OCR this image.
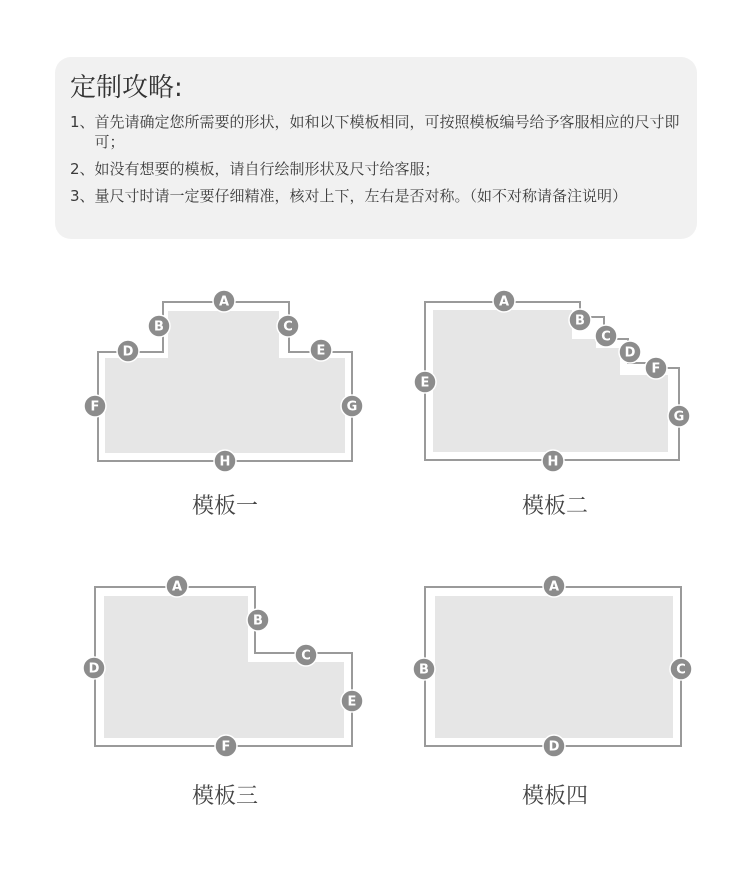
定制攻略:
1、 首先请确定您所需要的形状，如和以下模板相同，可按照模板编号给予客服相应的尺寸即可；
2、 如没有想要的模板，请自行绘制形状及尺寸给客服；
3、 量尺寸时请一定要仔细精准，核对上下，左右是否对称。（如不对称请备注说明）
A
B	C
D	E
F	G
H
模板一
A
B
C
D
F
E
G
H
模板二
A
B
C
D
E
F
模板三
A
B	C
D
模板四
